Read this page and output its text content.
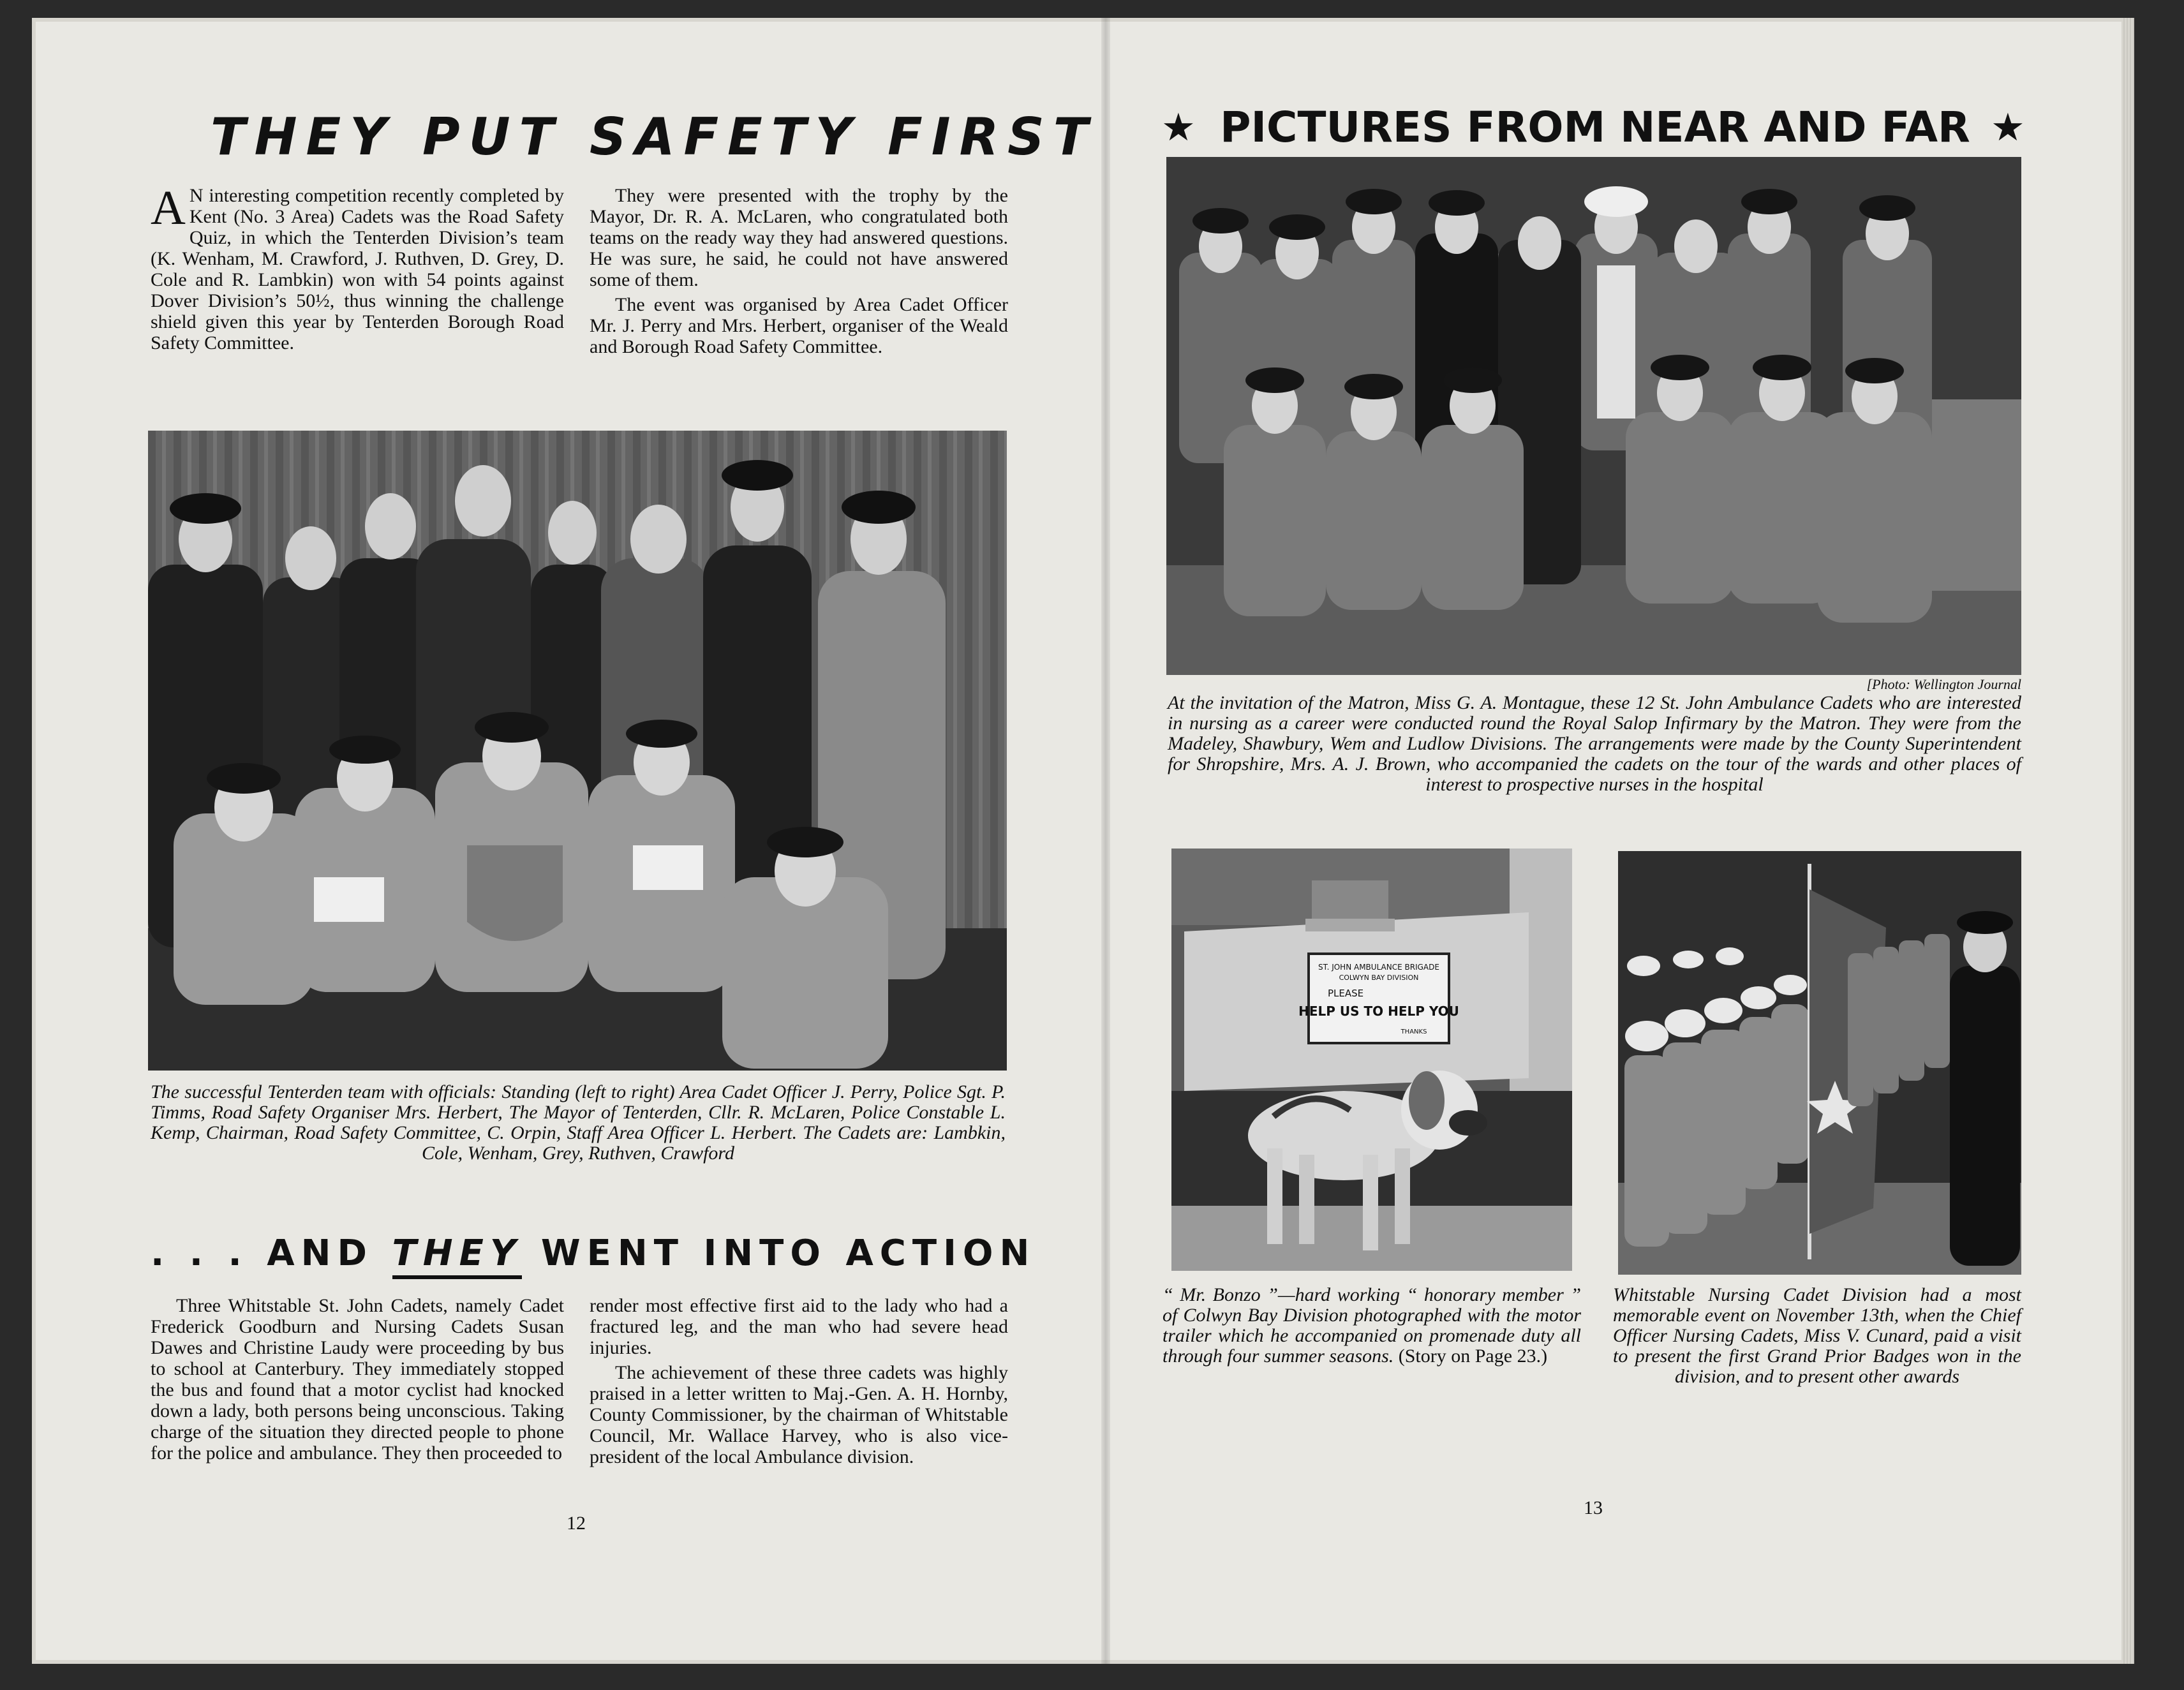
THEY PUT SAFETY FIRST

A N interesting competition recently completed by Kent (No. 3 Area) Cadets was the Road Safety Quiz, in which the Tenterden Division’s team (K. Wenham, M. Crawford, J. Ruthven, D. Grey, D. Cole and R. Lambkin) won with 54 points against Dover Division’s 50½, thus winning the challenge shield given this year by Tenterden Borough Road Safety Committee.

They were presented with the trophy by the Mayor, Dr. R. A. McLaren, who congratulated both teams on the ready way they had answered questions. He was sure, he said, he could not have answered some of them.

The event was organised by Area Cadet Officer Mr. J. Perry and Mrs. Herbert, organiser of the Weald and Borough Road Safety Committee.

The successful Tenterden team with officials: Standing (left to right) Area Cadet Officer J. Perry, Police Sgt. P. Timms, Road Safety Organiser Mrs. Herbert, The Mayor of Tenterden, Cllr. R. McLaren, Police Constable L. Kemp, Chairman, Road Safety Committee, C. Orpin, Staff Area Officer L. Herbert. The Cadets are: Lambkin, Cole, Wenham, Grey, Ruthven, Crawford
. . . AND THEY WENT INTO ACTION

Three Whitstable St. John Cadets, namely Cadet Frederick Goodburn and Nursing Cadets Susan Dawes and Christine Laudy were proceeding by bus to school at Canterbury. They immediately stopped the bus and found that a motor cyclist had knocked down a lady, both persons being unconscious. Taking charge of the situation they directed people to phone for the police and ambulance. They then proceeded to

render most effective first aid to the lady who had a fractured leg, and the man who had severe head injuries.

The achievement of these three cadets was highly praised in a letter written to Maj.-Gen. A. H. Hornby, County Commissioner, by the chairman of Whitstable Council, Mr. Wallace Harvey, who is also vice-president of the local Ambulance division.

12
★ PICTURES FROM NEAR AND FAR ★
[Photo: Wellington Journal
At the invitation of the Matron, Miss G. A. Montague, these 12 St. John Ambulance Cadets who are interested in nursing as a career were conducted round the Royal Salop Infirmary by the Matron. They were from the Madeley, Shawbury, Wem and Ludlow Divisions. The arrangements were made by the County Superintendent for Shropshire, Mrs. A. J. Brown, who accompanied the cadets on the tour of the wards and other places of interest to prospective nurses in the hospital
ST. JOHN AMBULANCE BRIGADE
COLWYN BAY DIVISION
PLEASE
HELP US TO HELP YOU
THANKS
“ Mr. Bonzo ”—hard working “ honorary member ” of Colwyn Bay Division photographed with the motor trailer which he accompanied on promenade duty all through four summer seasons. (Story on Page 23.)
Whitstable Nursing Cadet Division had a most memorable event on November 13th, when the Chief Officer Nursing Cadets, Miss V. Cunard, paid a visit to present the first Grand Prior Badges won in the division, and to present other awards
13
